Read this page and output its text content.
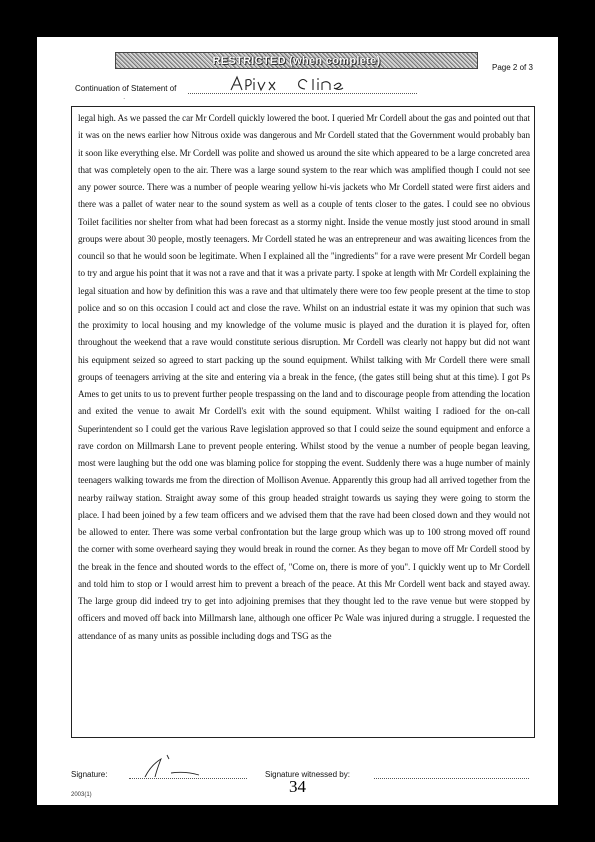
RESTRICTED (when complete)
Page 2 of 3
Continuation of Statement of
·

legal high. As we passed the car Mr Cordell quickly lowered the boot. I queried Mr Cordell about the gas and pointed out that it was on the news earlier how Nitrous oxide was dangerous and Mr Cordell stated that the Government would probably ban it soon like everything else. Mr Cordell was polite and showed us around the site which appeared to be a large concreted area that was completely open to the air. There was a large sound system to the rear which was amplified though I could not see any power source. There was a number of people wearing yellow hi-vis jackets who Mr Cordell stated were first aiders and there was a pallet of water near to the sound system as well as a couple of tents closer to the gates. I could see no obvious Toilet facilities nor shelter from what had been forecast as a stormy night. Inside the venue mostly just stood around in small groups were about 30 people, mostly teenagers. Mr Cordell stated he was an entrepreneur and was awaiting licences from the council so that he would soon be legitimate. When I explained all the "ingredients" for a rave were present Mr Cordell began to try and argue his point that it was not a rave and that it was a private party. I spoke at length with Mr Cordell explaining the legal situation and how by definition this was a rave and that ultimately there were too few people present at the time to stop police and so on this occasion I could act and close the rave. Whilst on an industrial estate it was my opinion that such was the proximity to local housing and my knowledge of the volume music is played and the duration it is played for, often throughout the weekend that a rave would constitute serious disruption. Mr Cordell was clearly not happy but did not want his equipment seized so agreed to start packing up the sound equipment. Whilst talking with Mr Cordell there were small groups of teenagers arriving at the site and entering via a break in the fence, (the gates still being shut at this time). I got Ps Ames to get units to us to prevent further people trespassing on the land and to discourage people from attending the location and exited the venue to await Mr Cordell's exit with the sound equipment. Whilst waiting I radioed for the on-call Superintendent so I could get the various Rave legislation approved so that I could seize the sound equipment and enforce a rave cordon on Millmarsh Lane to prevent people entering. Whilst stood by the venue a number of people began leaving, most were laughing but the odd one was blaming police for stopping the event. Suddenly there was a huge number of mainly teenagers walking towards me from the direction of Mollison Avenue. Apparently this group had all arrived together from the nearby railway station. Straight away some of this group headed straight towards us saying they were going to storm the place. I had been joined by a few team officers and we advised them that the rave had been closed down and they would not be allowed to enter. There was some verbal confrontation but the large group which was up to 100 strong moved off round the corner with some overheard saying they would break in round the corner. As they began to move off Mr Cordell stood by the break in the fence and shouted words to the effect of, "Come on, there is more of you". I quickly went up to Mr Cordell and told him to stop or I would arrest him to prevent a breach of the peace. At this Mr Cordell went back and stayed away. The large group did indeed try to get into adjoining premises that they thought led to the rave venue but were stopped by officers and moved off back into Millmarsh lane, although one officer Pc Wale was injured during a struggle. I requested the attendance of as many units as possible including dogs and TSG as the

Signature:	Signature witnessed by:
2003(1)	34
